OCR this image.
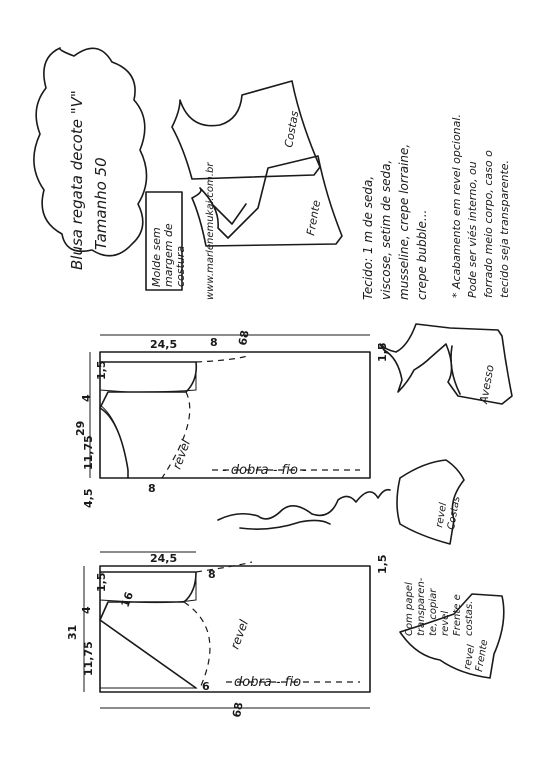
Blusa regata decote "V" Tamanho 50
Molde sem margem de costura www.marlenemukai.com.br
Costas
Frente	Tecido: 1 m de seda, viscose, setim de seda, musseline, crepe lorraine, crepe bubble... * Acabamento em revel opcional. Pode ser viés interno, ou forrado meio corpo, caso o tecido seja transparente.
Avesso
revel
Costas
revel
Frente
Com papel transparen- te, copiar revel Frente e costas.
24,5	8 68
29
1,5
4
11,75
4,5	8
1,5
revel - dobra - fio -
24,5
8
68
31
1,5
4
11,75
16
6
1,5
revel
dobra - fio
